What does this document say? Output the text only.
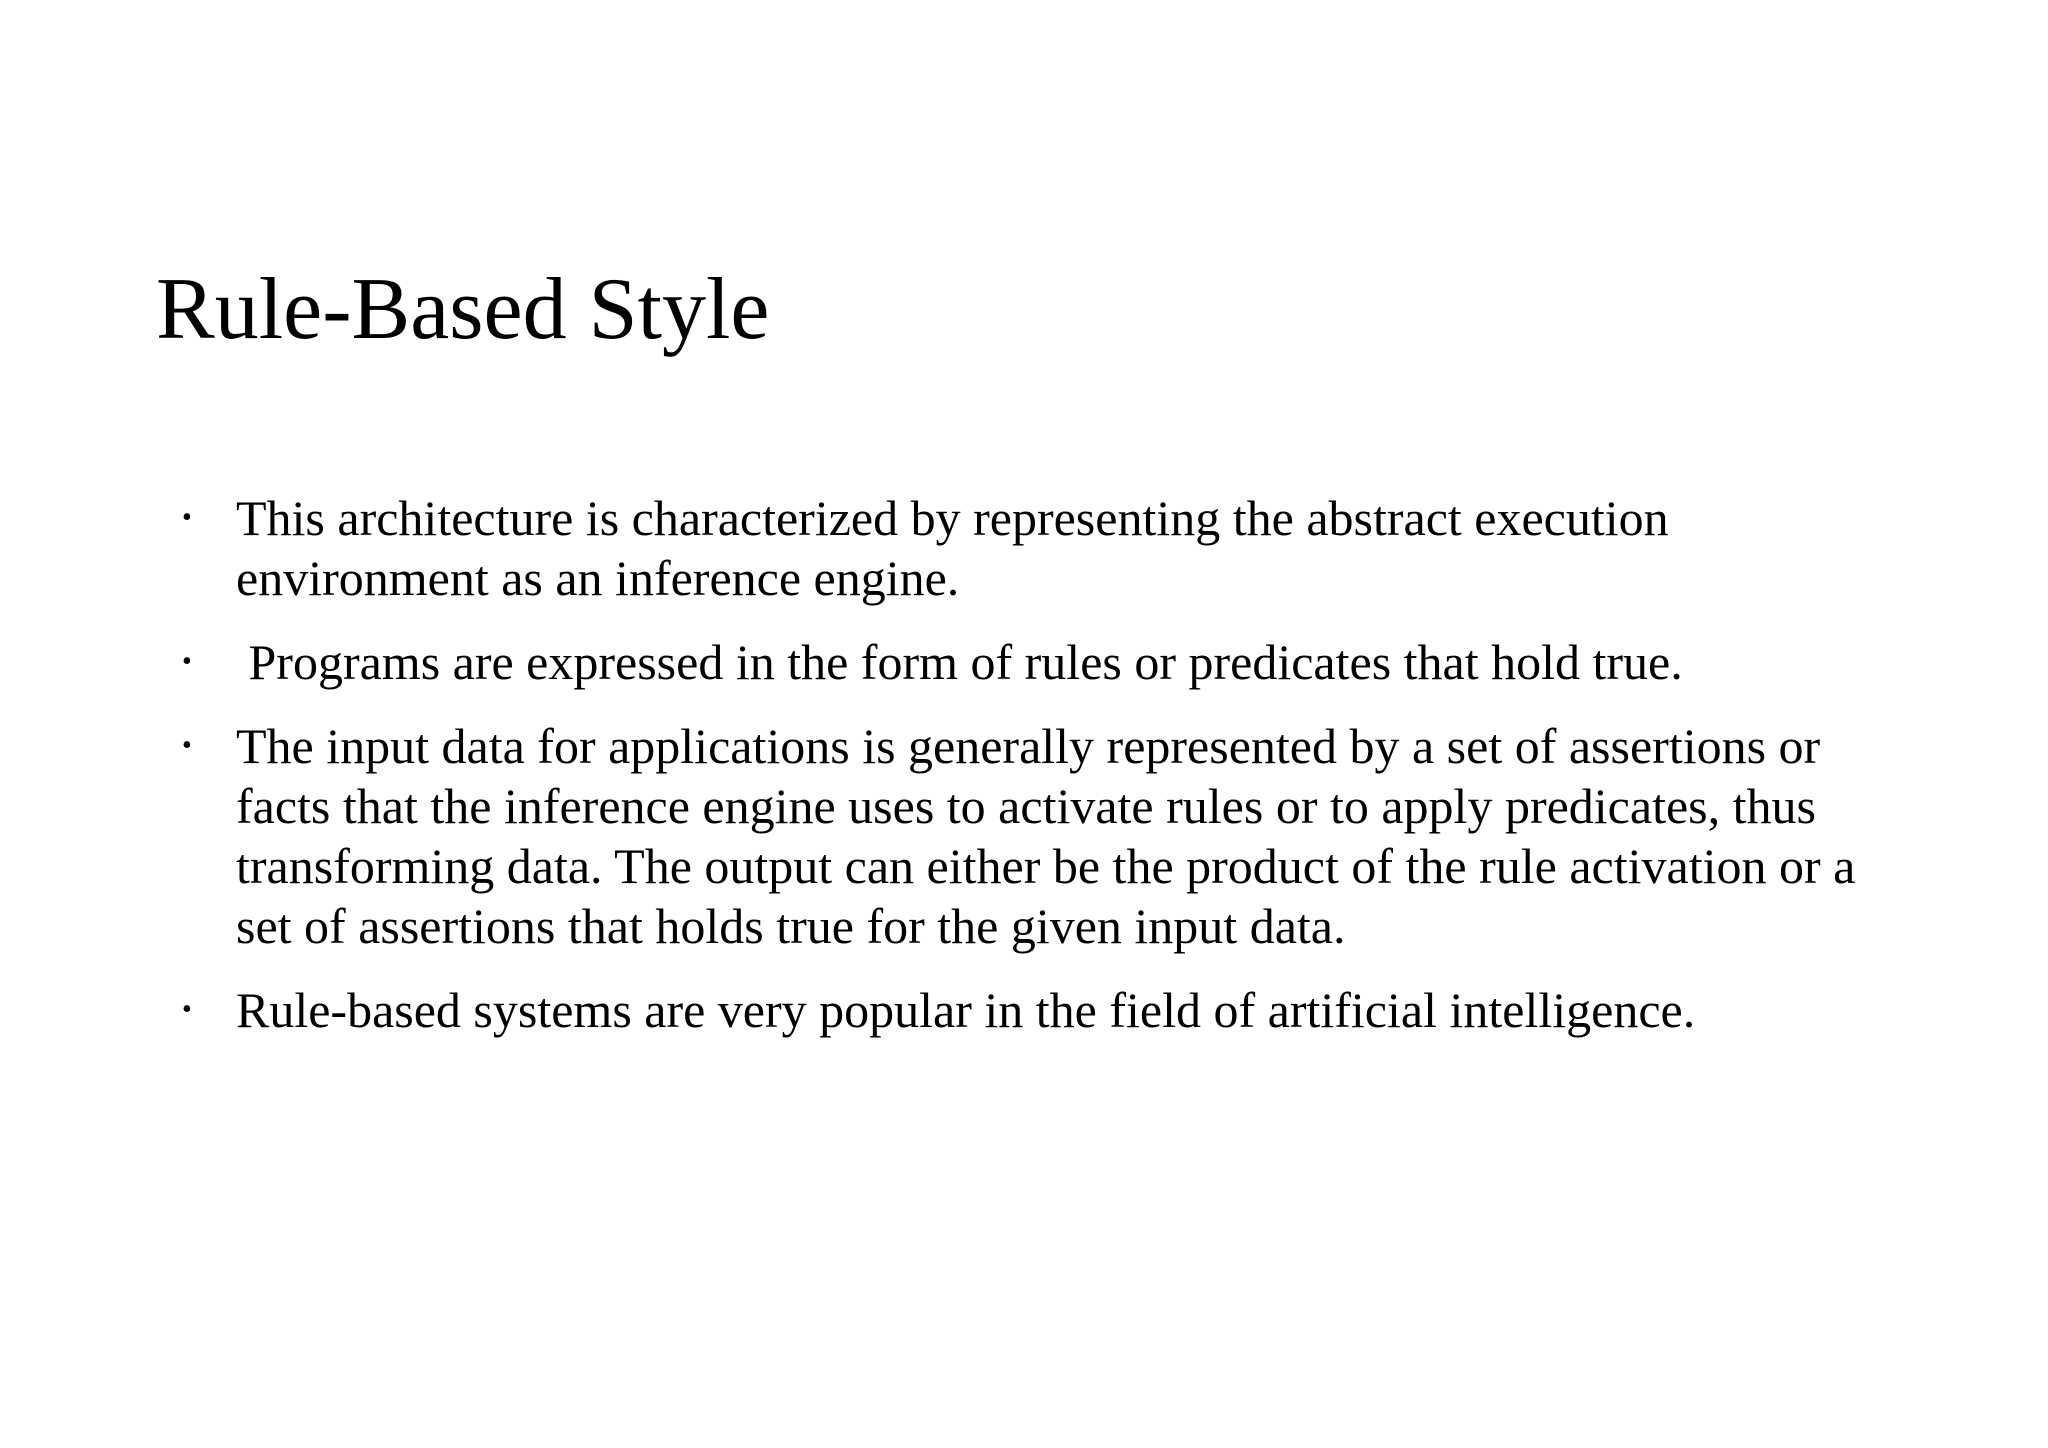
Rule-Based Style
• This architecture is characterized by representing the abstract execution environment as an inference engine.
• Programs are expressed in the form of rules or predicates that hold true.
• The input data for applications is generally represented by a set of assertions or facts that the inference engine uses to activate rules or to apply predicates, thus transforming data. The output can either be the product of the rule activation or a set of assertions that holds true for the given input data.
• Rule-based systems are very popular in the field of artificial intelligence.
